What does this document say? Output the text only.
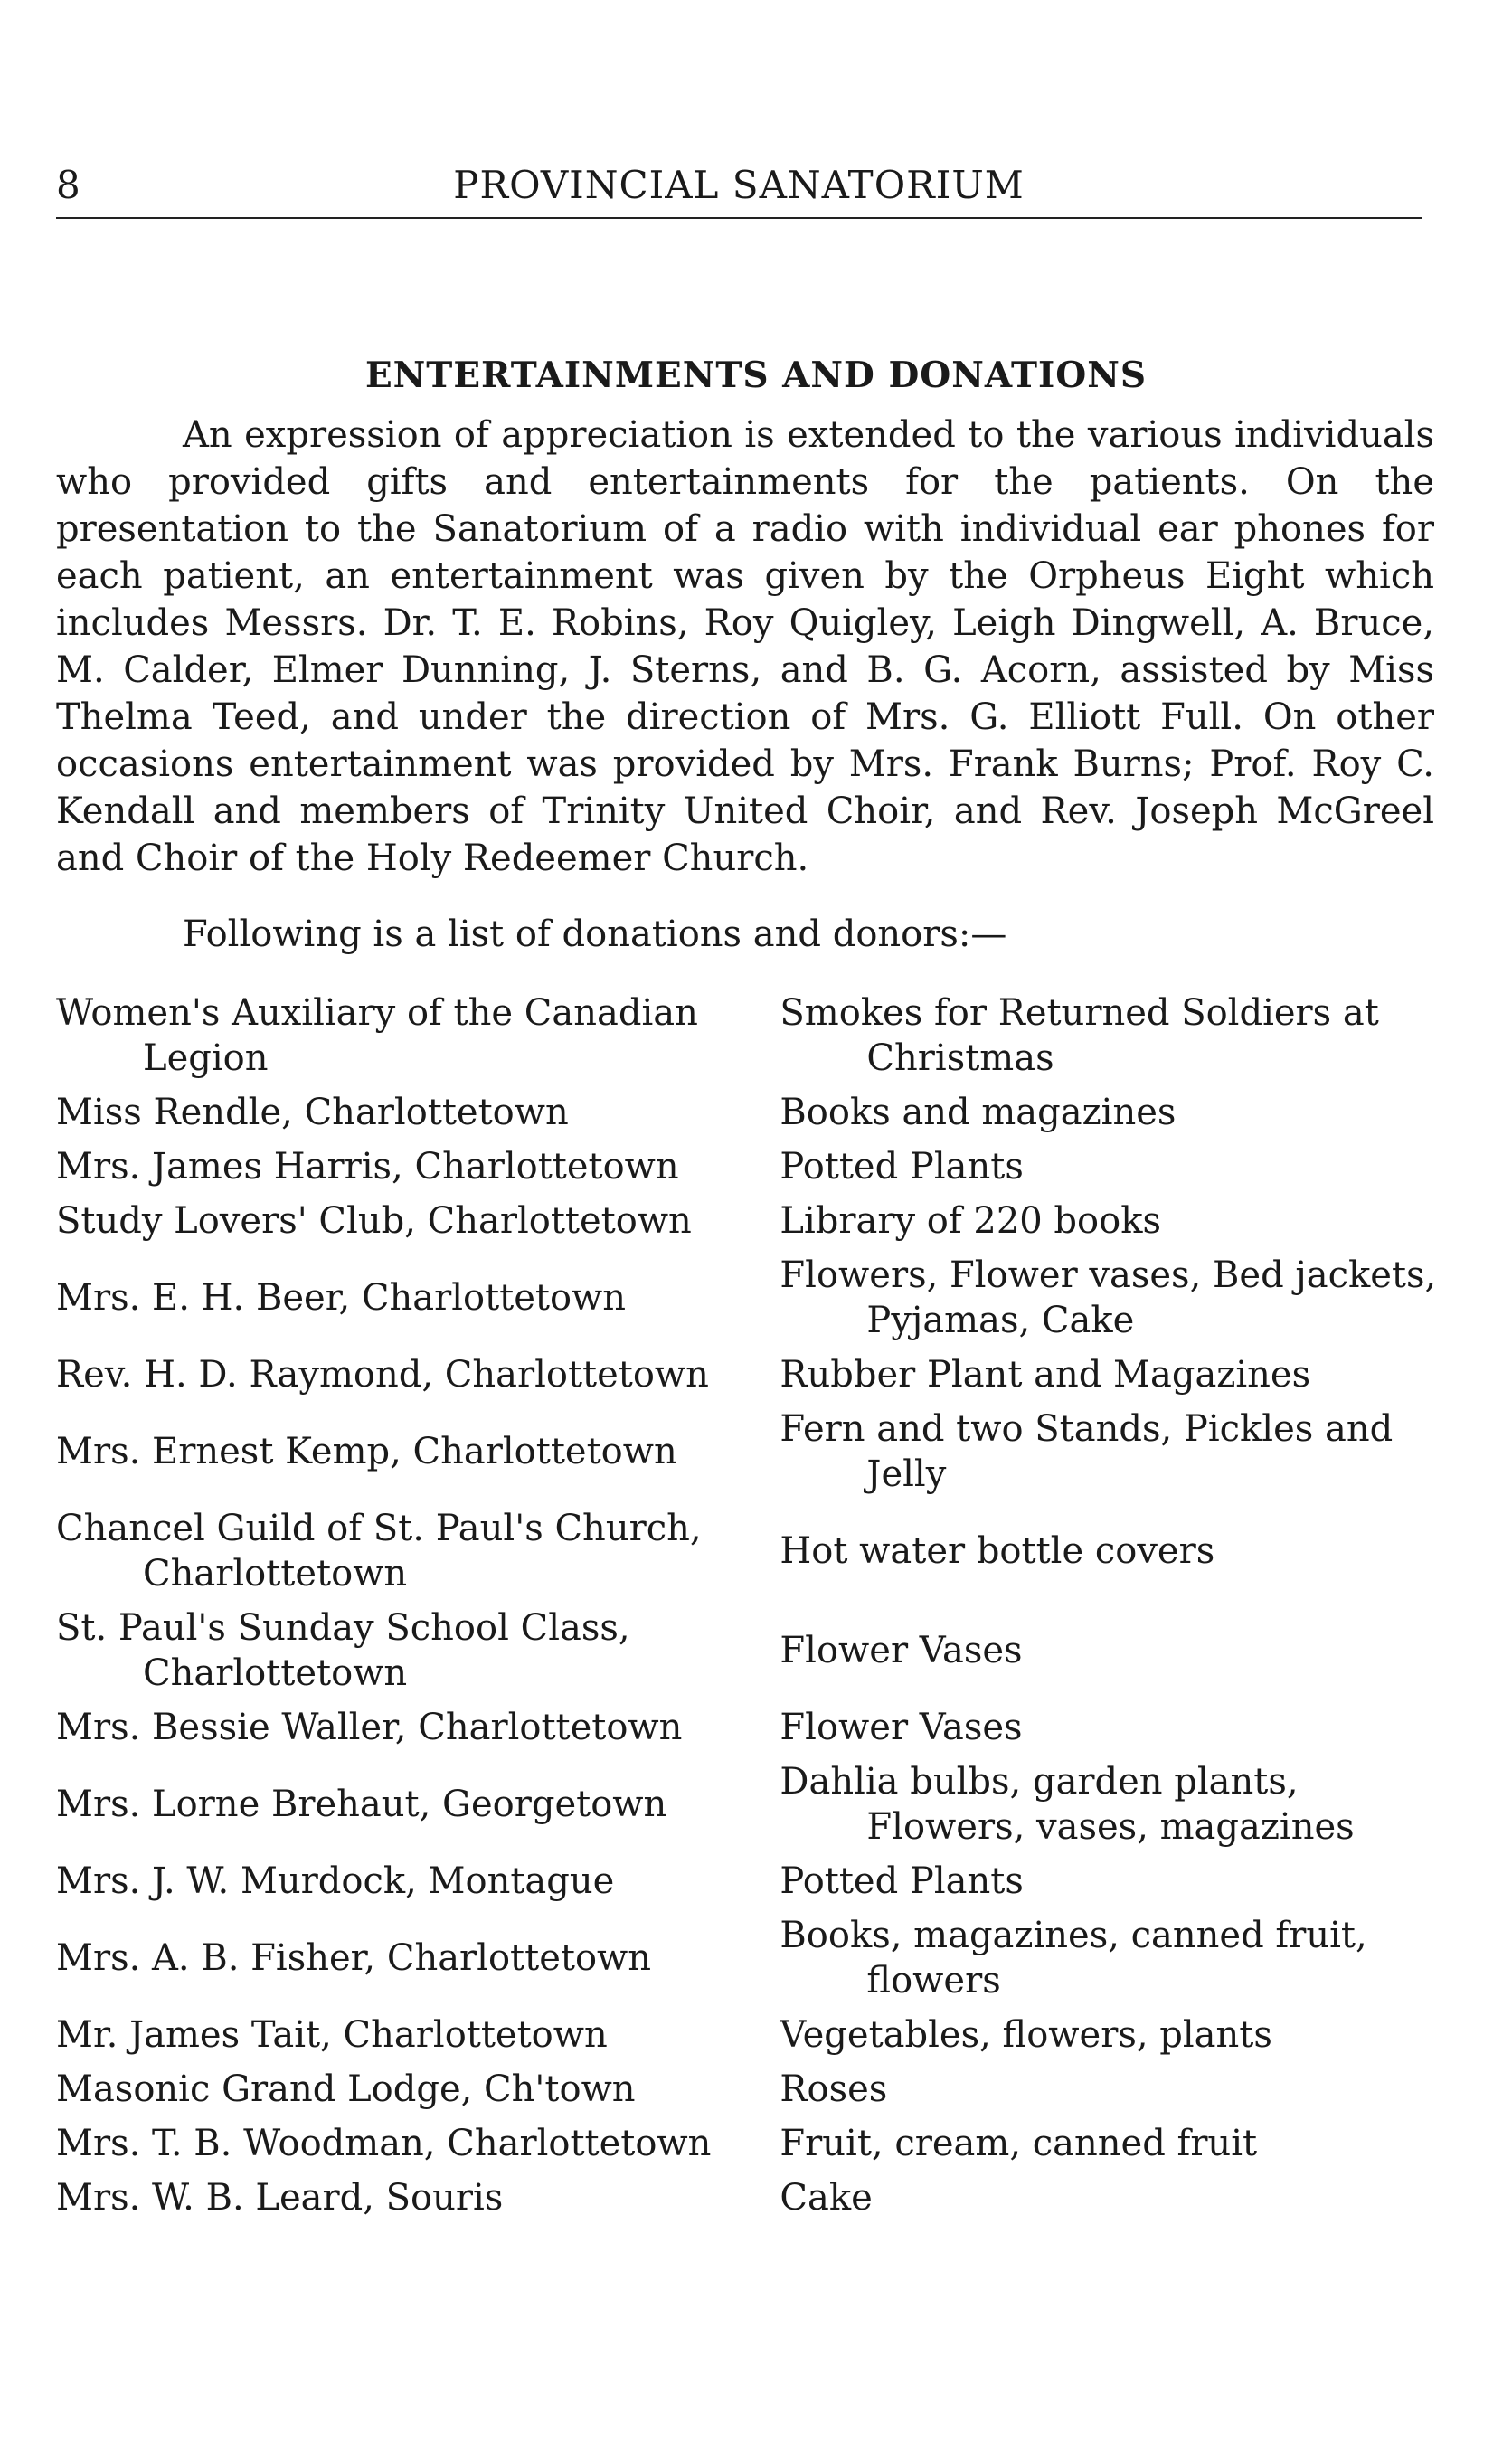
8	PROVINCIAL SANATORIUM
ENTERTAINMENTS AND DONATIONS

An expression of appreciation is extended to the various individuals who provided gifts and entertainments for the patients. On the presentation to the Sanatorium of a radio with individual ear phones for each patient, an entertainment was given by the Orpheus Eight which includes Messrs. Dr. T. E. Robins, Roy Quigley, Leigh Dingwell, A. Bruce, M. Calder, Elmer Dunning, J. Sterns, and B. G. Acorn, assisted by Miss Thelma Teed, and under the direction of Mrs. G. Elliott Full. On other occasions entertainment was provided by Mrs. Frank Burns; Prof. Roy C. Kendall and members of Trinity United Choir, and Rev. Joseph McGreel and Choir of the Holy Redeemer Church.

Following is a list of donations and donors:—

Women's Auxiliary of the Canadian Legion	Smokes for Returned Soldiers at Christmas
Miss Rendle, Charlottetown	Books and magazines
Mrs. James Harris, Charlottetown	Potted Plants
Study Lovers' Club, Charlottetown	Library of 220 books
Mrs. E. H. Beer, Charlottetown	Flowers, Flower vases, Bed jackets, Pyjamas, Cake
Rev. H. D. Raymond, Charlottetown	Rubber Plant and Magazines
Mrs. Ernest Kemp, Charlottetown	Fern and two Stands, Pickles and Jelly
Chancel Guild of St. Paul's Church, Charlottetown	Hot water bottle covers
St. Paul's Sunday School Class, Charlottetown	Flower Vases
Mrs. Bessie Waller, Charlottetown	Flower Vases
Mrs. Lorne Brehaut, Georgetown	Dahlia bulbs, garden plants, Flowers, vases, magazines
Mrs. J. W. Murdock, Montague	Potted Plants
Mrs. A. B. Fisher, Charlottetown	Books, magazines, canned fruit, flowers
Mr. James Tait, Charlottetown	Vegetables, flowers, plants
Masonic Grand Lodge, Ch'town	Roses
Mrs. T. B. Woodman, Charlottetown	Fruit, cream, canned fruit
Mrs. W. B. Leard, Souris	Cake
